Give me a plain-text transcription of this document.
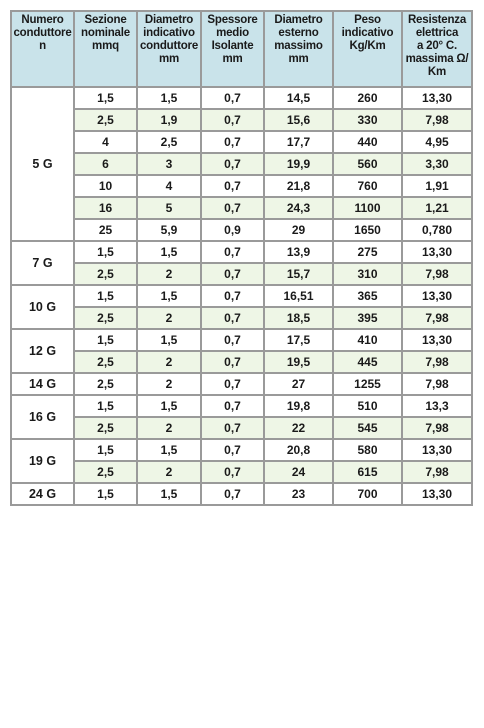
Numero
conduttore
n	Sezione
nominale
mmq	Diametro
indicativo
conduttore
mm	Spessore
medio
Isolante
mm	Diametro
esterno
massimo
mm	Peso
indicativo
Kg/Km	Resistenza
elettrica
a 20° C.
massima Ω/
Km
5 G	1,5	1,5	0,7	14,5	260	13,30
	2,5	1,9	0,7	15,6	330	7,98
	4	2,5	0,7	17,7	440	4,95
	6	3	0,7	19,9	560	3,30
	10	4	0,7	21,8	760	1,91
	16	5	0,7	24,3	1100	1,21
	25	5,9	0,9	29	1650	0,780
7 G	1,5	1,5	0,7	13,9	275	13,30
	2,5	2	0,7	15,7	310	7,98
10 G	1,5	1,5	0,7	16,51	365	13,30
	2,5	2	0,7	18,5	395	7,98
12 G	1,5	1,5	0,7	17,5	410	13,30
	2,5	2	0,7	19,5	445	7,98
14 G	2,5	2	0,7	27	1255	7,98
16 G	1,5	1,5	0,7	19,8	510	13,3
	2,5	2	0,7	22	545	7,98
19 G	1,5	1,5	0,7	20,8	580	13,30
	2,5	2	0,7	24	615	7,98
24 G	1,5	1,5	0,7	23	700	13,30
